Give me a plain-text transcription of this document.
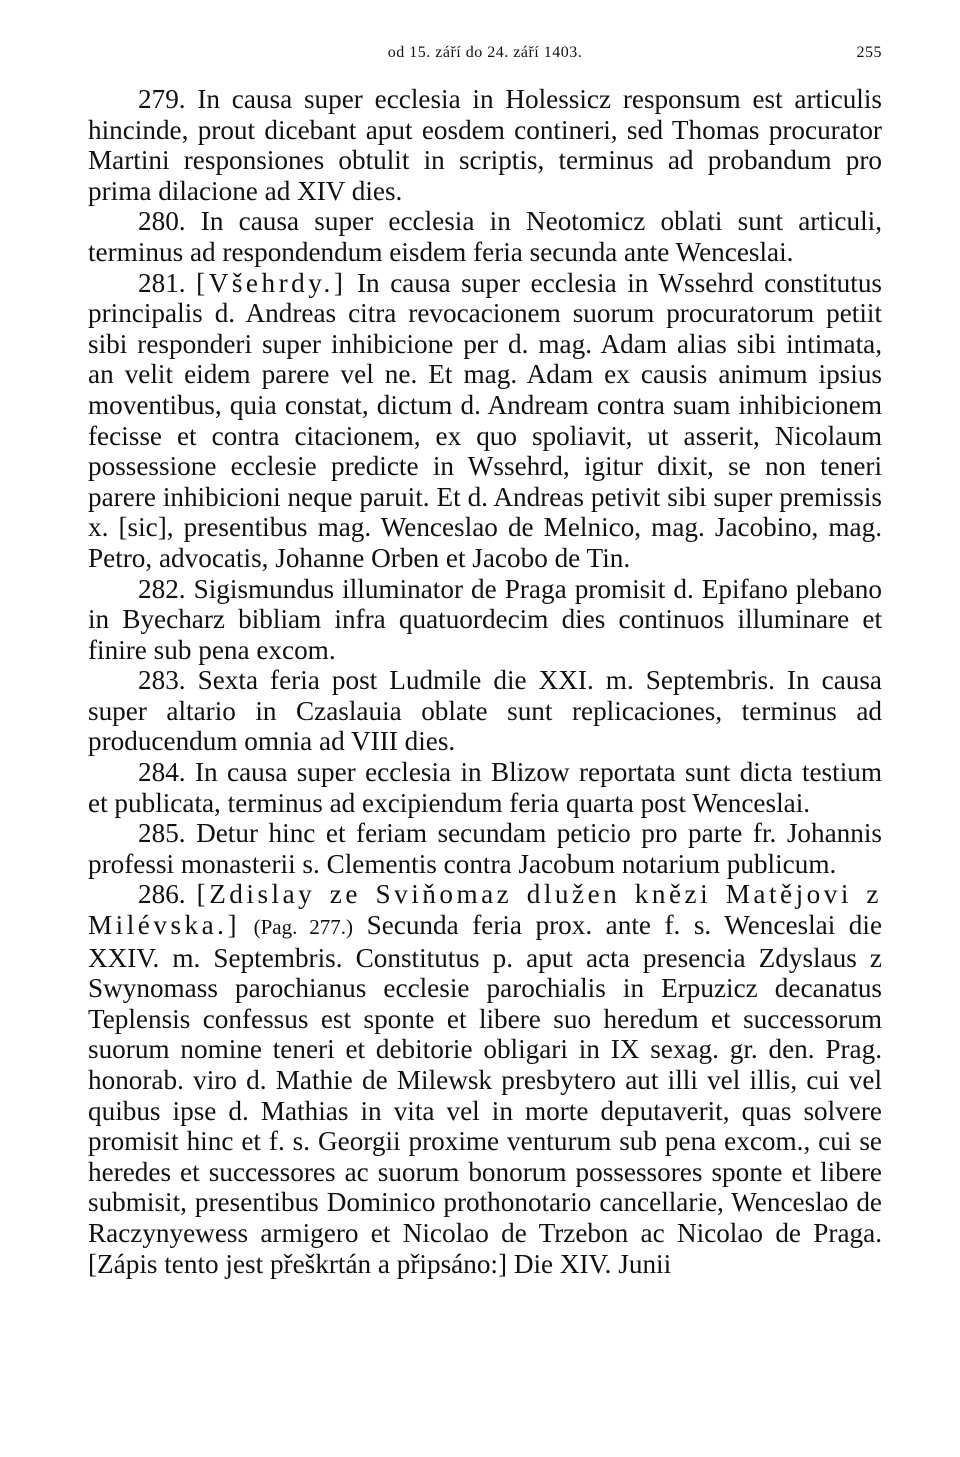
od 15. září do 24. září 1403.	255

279. In causa super ecclesia in Holessicz responsum est articulis hincinde, prout dicebant aput eosdem contineri, sed Thomas procurator Martini responsiones obtulit in scriptis, terminus ad probandum pro prima dilacione ad XIV dies.

280. In causa super ecclesia in Neotomicz oblati sunt articuli, terminus ad respondendum eisdem feria secunda ante Wenceslai.

281. [Všehrdy.] In causa super ecclesia in Wssehrd constitutus principalis d. Andreas citra revocacionem suorum procuratorum petiit sibi responderi super inhibicione per d. mag. Adam alias sibi intimata, an velit eidem parere vel ne. Et mag. Adam ex causis animum ipsius moventibus, quia constat, dictum d. Andream contra suam inhibicionem fecisse et contra citacionem, ex quo spoliavit, ut asserit, Nicolaum possessione ecclesie predicte in Wssehrd, igitur dixit, se non teneri parere inhibicioni neque paruit. Et d. Andreas petivit sibi super premissis x. [sic], presentibus mag. Wenceslao de Melnico, mag. Jacobino, mag. Petro, advocatis, Johanne Orben et Jacobo de Tin.

282. Sigismundus illuminator de Praga promisit d. Epifano plebano in Byecharz bibliam infra quatuordecim dies continuos illuminare et finire sub pena excom.

283. Sexta feria post Ludmile die XXI. m. Septembris. In causa super altario in Czaslauia oblate sunt replicaciones, terminus ad producendum omnia ad VIII dies.

284. In causa super ecclesia in Blizow reportata sunt dicta testium et publicata, terminus ad excipiendum feria quarta post Wenceslai.

285. Detur hinc et feriam secundam peticio pro parte fr. Johannis professi monasterii s. Clementis contra Jacobum notarium publicum.

286. [Zdislay ze Sviňomaz dlužen knězi Matějovi z Milévska.] (Pag. 277.) Secunda feria prox. ante f. s. Wenceslai die XXIV. m. Septembris. Constitutus p. aput acta presencia Zdyslaus z Swynomass parochianus ecclesie parochialis in Erpuzicz decanatus Teplensis confessus est sponte et libere suo heredum et successorum suorum nomine teneri et debitorie obligari in IX sexag. gr. den. Prag. honorab. viro d. Mathie de Milewsk presbytero aut illi vel illis, cui vel quibus ipse d. Mathias in vita vel in morte deputaverit, quas solvere promisit hinc et f. s. Georgii proxime venturum sub pena excom., cui se heredes et successores ac suorum bonorum possessores sponte et libere submisit, presentibus Dominico prothonotario cancellarie, Wenceslao de Raczynyewess armigero et Nicolao de Trzebon ac Nicolao de Praga. [Zápis tento jest přeškrtán a připsáno:] Die XIV. Junii
